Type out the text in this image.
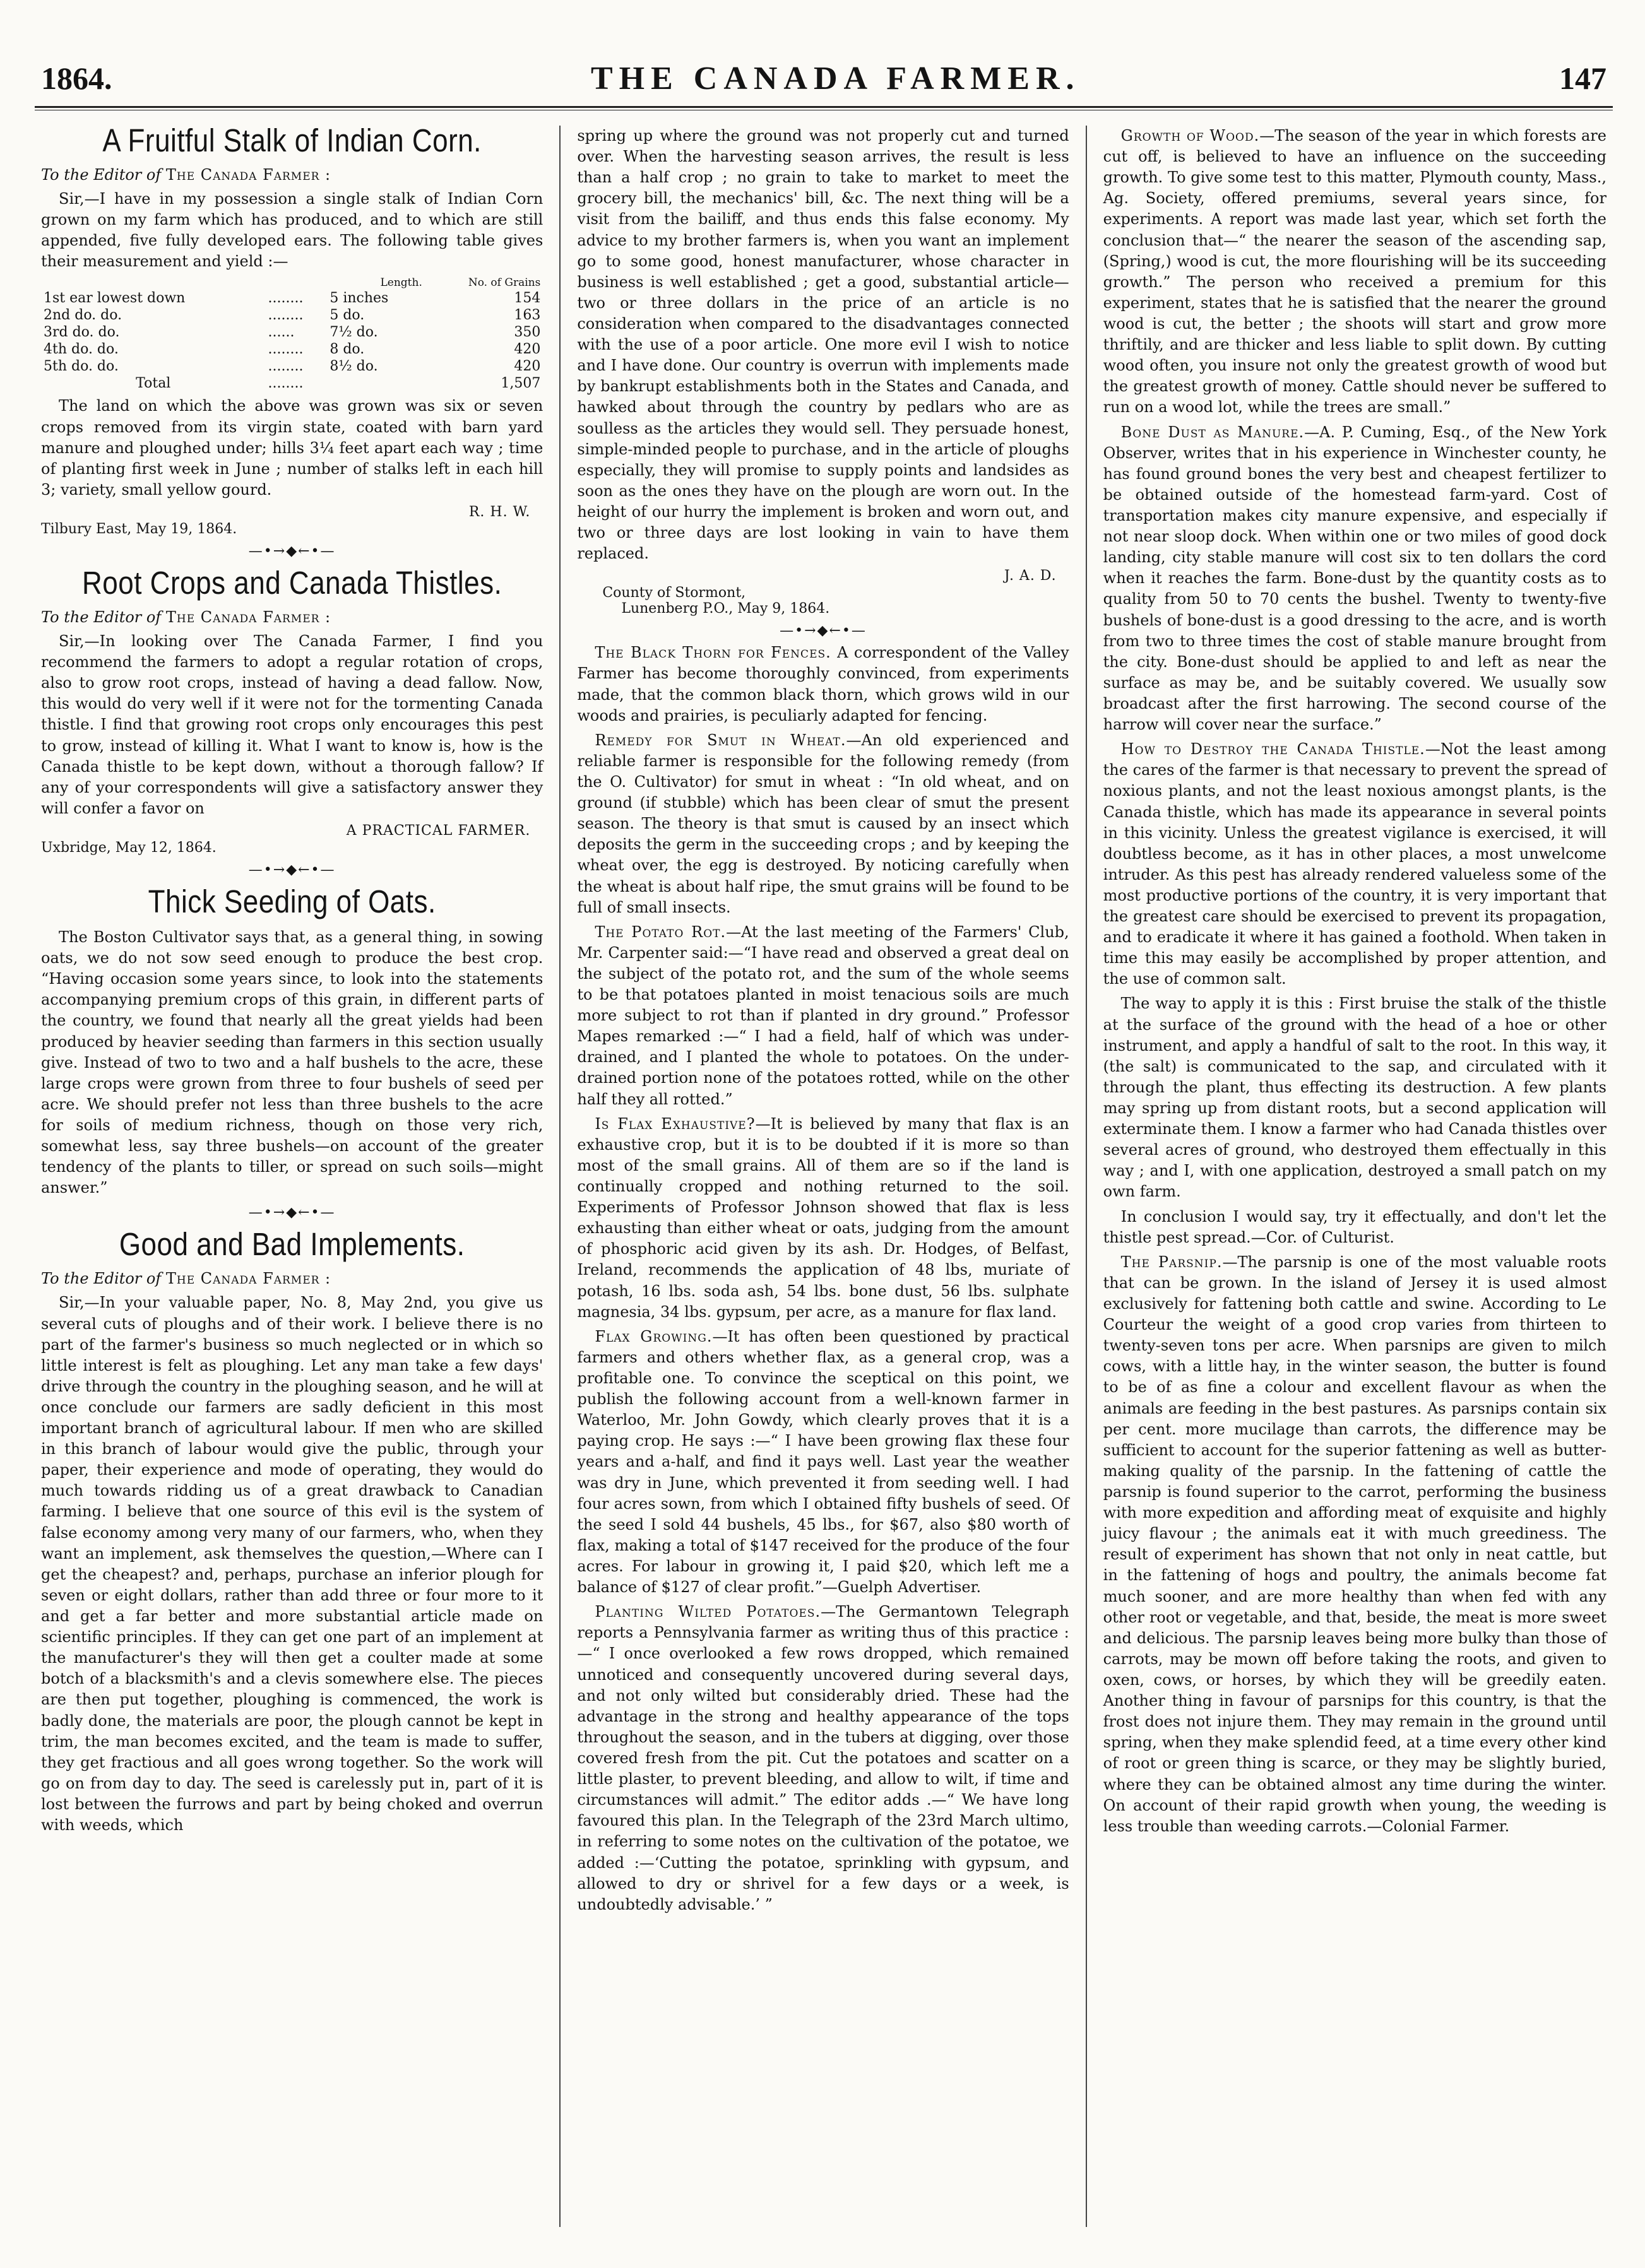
1864.	THE CANADA FARMER.	147
A Fruitful Stalk of Indian Corn.
To the Editor of The Canada Farmer :

Sir,—I have in my possession a single stalk of Indian Corn grown on my farm which has produced, and to which are still appended, five fully developed ears. The following table gives their measurement and yield :—

		Length.	No. of Grains
1st ear lowest down	........	5 inches	154
2nd do. do.	........	5 do.	163
3rd do. do.	......	7½ do.	350
4th do. do.	........	8 do.	420
5th do. do.	........	8½ do.	420
Total	........		1,507

The land on which the above was grown was six or seven crops removed from its virgin state, coated with barn yard manure and ploughed under; hills 3¼ feet apart each way ; time of planting first week in June ; number of stalks left in each hill 3; variety, small yellow gourd.

R. H. W.
Tilbury East, May 19, 1864.
—•→◆←•—
Root Crops and Canada Thistles.
To the Editor of The Canada Farmer :

Sir,—In looking over The Canada Farmer, I find you recommend the farmers to adopt a regular rotation of crops, also to grow root crops, instead of having a dead fallow. Now, this would do very well if it were not for the tormenting Canada thistle. I find that growing root crops only encourages this pest to grow, instead of killing it. What I want to know is, how is the Canada thistle to be kept down, without a thorough fallow? If any of your correspondents will give a satisfactory answer they will confer a favor on

A PRACTICAL FARMER.
Uxbridge, May 12, 1864.
—•→◆←•—
Thick Seeding of Oats.

The Boston Cultivator says that, as a general thing, in sowing oats, we do not sow seed enough to produce the best crop. “Having occasion some years since, to look into the statements accompanying premium crops of this grain, in different parts of the country, we found that nearly all the great yields had been produced by heavier seeding than farmers in this section usually give. Instead of two to two and a half bushels to the acre, these large crops were grown from three to four bushels of seed per acre. We should prefer not less than three bushels to the acre for soils of medium richness, though on those very rich, somewhat less, say three bushels—on account of the greater tendency of the plants to tiller, or spread on such soils—might answer.”

—•→◆←•—
Good and Bad Implements.
To the Editor of The Canada Farmer :

Sir,—In your valuable paper, No. 8, May 2nd, you give us several cuts of ploughs and of their work. I believe there is no part of the farmer's business so much neglected or in which so little interest is felt as ploughing. Let any man take a few days' drive through the country in the ploughing season, and he will at once conclude our farmers are sadly deficient in this most important branch of agricultural labour. If men who are skilled in this branch of labour would give the public, through your paper, their experience and mode of operating, they would do much towards ridding us of a great drawback to Canadian farming. I believe that one source of this evil is the system of false economy among very many of our farmers, who, when they want an implement, ask themselves the question,—Where can I get the cheapest? and, perhaps, purchase an inferior plough for seven or eight dollars, rather than add three or four more to it and get a far better and more substantial article made on scientific principles. If they can get one part of an implement at the manufacturer's they will then get a coulter made at some botch of a blacksmith's and a clevis somewhere else. The pieces are then put together, ploughing is commenced, the work is badly done, the materials are poor, the plough cannot be kept in trim, the man becomes excited, and the team is made to suffer, they get fractious and all goes wrong together. So the work will go on from day to day. The seed is carelessly put in, part of it is lost between the furrows and part by being choked and overrun with weeds, which

spring up where the ground was not properly cut and turned over. When the harvesting season arrives, the result is less than a half crop ; no grain to take to market to meet the grocery bill, the mechanics' bill, &c. The next thing will be a visit from the bailiff, and thus ends this false economy. My advice to my brother farmers is, when you want an implement go to some good, honest manufacturer, whose character in business is well established ; get a good, substantial article—two or three dollars in the price of an article is no consideration when compared to the disadvantages connected with the use of a poor article. One more evil I wish to notice and I have done. Our country is overrun with implements made by bankrupt establishments both in the States and Canada, and hawked about through the country by pedlars who are as soulless as the articles they would sell. They persuade honest, simple-minded people to purchase, and in the article of ploughs especially, they will promise to supply points and landsides as soon as the ones they have on the plough are worn out. In the height of our hurry the implement is broken and worn out, and two or three days are lost looking in vain to have them replaced.

J. A. D.
County of Stormont,
Lunenberg P.O., May 9, 1864.
—•→◆←•—

The Black Thorn for Fences. A correspondent of the Valley Farmer has become thoroughly convinced, from experiments made, that the common black thorn, which grows wild in our woods and prairies, is peculiarly adapted for fencing.

Remedy for Smut in Wheat.—An old experienced and reliable farmer is responsible for the following remedy (from the O. Cultivator) for smut in wheat : “In old wheat, and on ground (if stubble) which has been clear of smut the present season. The theory is that smut is caused by an insect which deposits the germ in the succeeding crops ; and by keeping the wheat over, the egg is destroyed. By noticing carefully when the wheat is about half ripe, the smut grains will be found to be full of small insects.

The Potato Rot.—At the last meeting of the Farmers' Club, Mr. Carpenter said:—“I have read and observed a great deal on the subject of the potato rot, and the sum of the whole seems to be that potatoes planted in moist tenacious soils are much more subject to rot than if planted in dry ground.” Professor Mapes remarked :—“ I had a field, half of which was under-drained, and I planted the whole to potatoes. On the under-drained portion none of the potatoes rotted, while on the other half they all rotted.”

Is Flax Exhaustive?—It is believed by many that flax is an exhaustive crop, but it is to be doubted if it is more so than most of the small grains. All of them are so if the land is continually cropped and nothing returned to the soil. Experiments of Professor Johnson showed that flax is less exhausting than either wheat or oats, judging from the amount of phosphoric acid given by its ash. Dr. Hodges, of Belfast, Ireland, recommends the application of 48 lbs, muriate of potash, 16 lbs. soda ash, 54 lbs. bone dust, 56 lbs. sulphate magnesia, 34 lbs. gypsum, per acre, as a manure for flax land.

Flax Growing.—It has often been questioned by practical farmers and others whether flax, as a general crop, was a profitable one. To convince the sceptical on this point, we publish the following account from a well-known farmer in Waterloo, Mr. John Gowdy, which clearly proves that it is a paying crop. He says :—“ I have been growing flax these four years and a-half, and find it pays well. Last year the weather was dry in June, which prevented it from seeding well. I had four acres sown, from which I obtained fifty bushels of seed. Of the seed I sold 44 bushels, 45 lbs., for $67, also $80 worth of flax, making a total of $147 received for the produce of the four acres. For labour in growing it, I paid $20, which left me a balance of $127 of clear profit.”—Guelph Advertiser.

Planting Wilted Potatoes.—The Germantown Telegraph reports a Pennsylvania farmer as writing thus of this practice :—“ I once overlooked a few rows dropped, which remained unnoticed and consequently uncovered during several days, and not only wilted but considerably dried. These had the advantage in the strong and healthy appearance of the tops throughout the season, and in the tubers at digging, over those covered fresh from the pit. Cut the potatoes and scatter on a little plaster, to prevent bleeding, and allow to wilt, if time and circumstances will admit.” The editor adds .—“ We have long favoured this plan. In the Telegraph of the 23rd March ultimo, in referring to some notes on the cultivation of the potatoe, we added :—‘Cutting the potatoe, sprinkling with gypsum, and allowed to dry or shrivel for a few days or a week, is undoubtedly advisable.’ ”

Growth of Wood.—The season of the year in which forests are cut off, is believed to have an influence on the succeeding growth. To give some test to this matter, Plymouth county, Mass., Ag. Society, offered premiums, several years since, for experiments. A report was made last year, which set forth the conclusion that—“ the nearer the season of the ascending sap, (Spring,) wood is cut, the more flourishing will be its succeeding growth.” The person who received a premium for this experiment, states that he is satisfied that the nearer the ground wood is cut, the better ; the shoots will start and grow more thriftily, and are thicker and less liable to split down. By cutting wood often, you insure not only the greatest growth of wood but the greatest growth of money. Cattle should never be suffered to run on a wood lot, while the trees are small.”

Bone Dust as Manure.—A. P. Cuming, Esq., of the New York Observer, writes that in his experience in Winchester county, he has found ground bones the very best and cheapest fertilizer to be obtained outside of the homestead farm-yard. Cost of transportation makes city manure expensive, and especially if not near sloop dock. When within one or two miles of good dock landing, city stable manure will cost six to ten dollars the cord when it reaches the farm. Bone-dust by the quantity costs as to quality from 50 to 70 cents the bushel. Twenty to twenty-five bushels of bone-dust is a good dressing to the acre, and is worth from two to three times the cost of stable manure brought from the city. Bone-dust should be applied to and left as near the surface as may be, and be suitably covered. We usually sow broadcast after the first harrowing. The second course of the harrow will cover near the surface.”

How to Destroy the Canada Thistle.—Not the least among the cares of the farmer is that necessary to prevent the spread of noxious plants, and not the least noxious amongst plants, is the Canada thistle, which has made its appearance in several points in this vicinity. Unless the greatest vigilance is exercised, it will doubtless become, as it has in other places, a most unwelcome intruder. As this pest has already rendered valueless some of the most productive portions of the country, it is very important that the greatest care should be exercised to prevent its propagation, and to eradicate it where it has gained a foothold. When taken in time this may easily be accomplished by proper attention, and the use of common salt.

The way to apply it is this : First bruise the stalk of the thistle at the surface of the ground with the head of a hoe or other instrument, and apply a handful of salt to the root. In this way, it (the salt) is communicated to the sap, and circulated with it through the plant, thus effecting its destruction. A few plants may spring up from distant roots, but a second application will exterminate them. I know a farmer who had Canada thistles over several acres of ground, who destroyed them effectually in this way ; and I, with one application, destroyed a small patch on my own farm.

In conclusion I would say, try it effectually, and don't let the thistle pest spread.—Cor. of Culturist.

The Parsnip.—The parsnip is one of the most valuable roots that can be grown. In the island of Jersey it is used almost exclusively for fattening both cattle and swine. According to Le Courteur the weight of a good crop varies from thirteen to twenty-seven tons per acre. When parsnips are given to milch cows, with a little hay, in the winter season, the butter is found to be of as fine a colour and excellent flavour as when the animals are feeding in the best pastures. As parsnips contain six per cent. more mucilage than carrots, the difference may be sufficient to account for the superior fattening as well as butter-making quality of the parsnip. In the fattening of cattle the parsnip is found superior to the carrot, performing the business with more expedition and affording meat of exquisite and highly juicy flavour ; the animals eat it with much greediness. The result of experiment has shown that not only in neat cattle, but in the fattening of hogs and poultry, the animals become fat much sooner, and are more healthy than when fed with any other root or vegetable, and that, beside, the meat is more sweet and delicious. The parsnip leaves being more bulky than those of carrots, may be mown off before taking the roots, and given to oxen, cows, or horses, by which they will be greedily eaten. Another thing in favour of parsnips for this country, is that the frost does not injure them. They may remain in the ground until spring, when they make splendid feed, at a time every other kind of root or green thing is scarce, or they may be slightly buried, where they can be obtained almost any time during the winter. On account of their rapid growth when young, the weeding is less trouble than weeding carrots.—Colonial Farmer.
